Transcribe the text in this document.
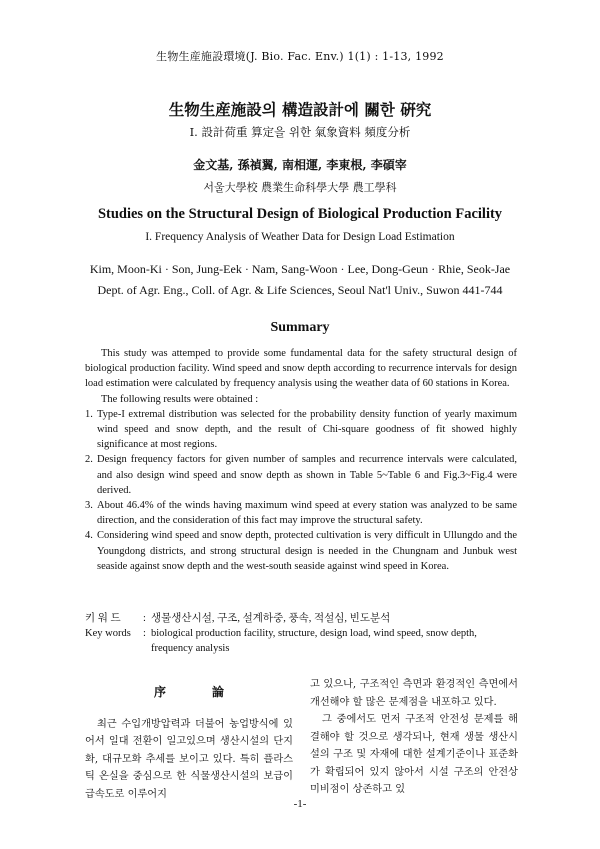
生物生産施設環境(J. Bio. Fac. Env.) 1(1) : 1-13, 1992
生物生産施設의 構造設計에 關한 硏究
I. 設計荷重 算定을 위한 氣象資料 頻度分析
金文基, 孫禎翼, 南相運, 李東根, 李碩宰
서울大學校 農業生命科學大學 農工學科
Studies on the Structural Design of Biological Production Facility
I. Frequency Analysis of Weather Data for Design Load Estimation
Kim, Moon-Ki · Son, Jung-Eek · Nam, Sang-Woon · Lee, Dong-Geun · Rhie, Seok-Jae
Dept. of Agr. Eng., Coll. of Agr. & Life Sciences, Seoul Nat'l Univ., Suwon 441-744
Summary

This study was attemped to provide some fundamental data for the safety structural design of biological production facility. Wind speed and snow depth according to recurrence intervals for design load estimation were calculated by frequency analysis using the weather data of 60 stations in Korea.

The following results were obtained :

1. Type-I extremal distribution was selected for the probability density function of yearly maximum wind speed and snow depth, and the result of Chi-square goodness of fit showed highly significance at most regions.
2. Design frequency factors for given number of samples and recurrence intervals were calculated, and also design wind speed and snow depth as shown in Table 5~Table 6 and Fig.3~Fig.4 were derived.
3. About 46.4% of the winds having maximum wind speed at every station was analyzed to be same direction, and the consideration of this fact may improve the structural safety.
4. Considering wind speed and snow depth, protected cultivation is very difficult in Ullungdo and the Youngdong districts, and strong structural design is needed in the Chungnam and Junbuk west seaside against snow depth and the west-south seaside against wind speed in Korea.
키 워 드	: 생물생산시설, 구조, 설계하중, 풍속, 적설심, 빈도분석
Key words	: biological production facility, structure, design load, wind speed, snow depth, frequency analysis
序論

최근 수입개방압력과 더불어 농업방식에 있어서 일대 전환이 일고있으며 생산시설의 단지화, 대규모화 추세를 보이고 있다. 특히 플라스틱 온실을 중심으로 한 식물생산시설의 보급이 급속도로 이루어지

고 있으나, 구조적인 측면과 환경적인 측면에서 개선해야 할 많은 문제점을 내포하고 있다.

그 중에서도 먼저 구조적 안전성 문제를 해결해야 할 것으로 생각되나, 현재 생물 생산시설의 구조 및 자재에 대한 설계기준이나 표준화가 확립되어 있지 않아서 시설 구조의 안전상 미비점이 상존하고 있

-1-
